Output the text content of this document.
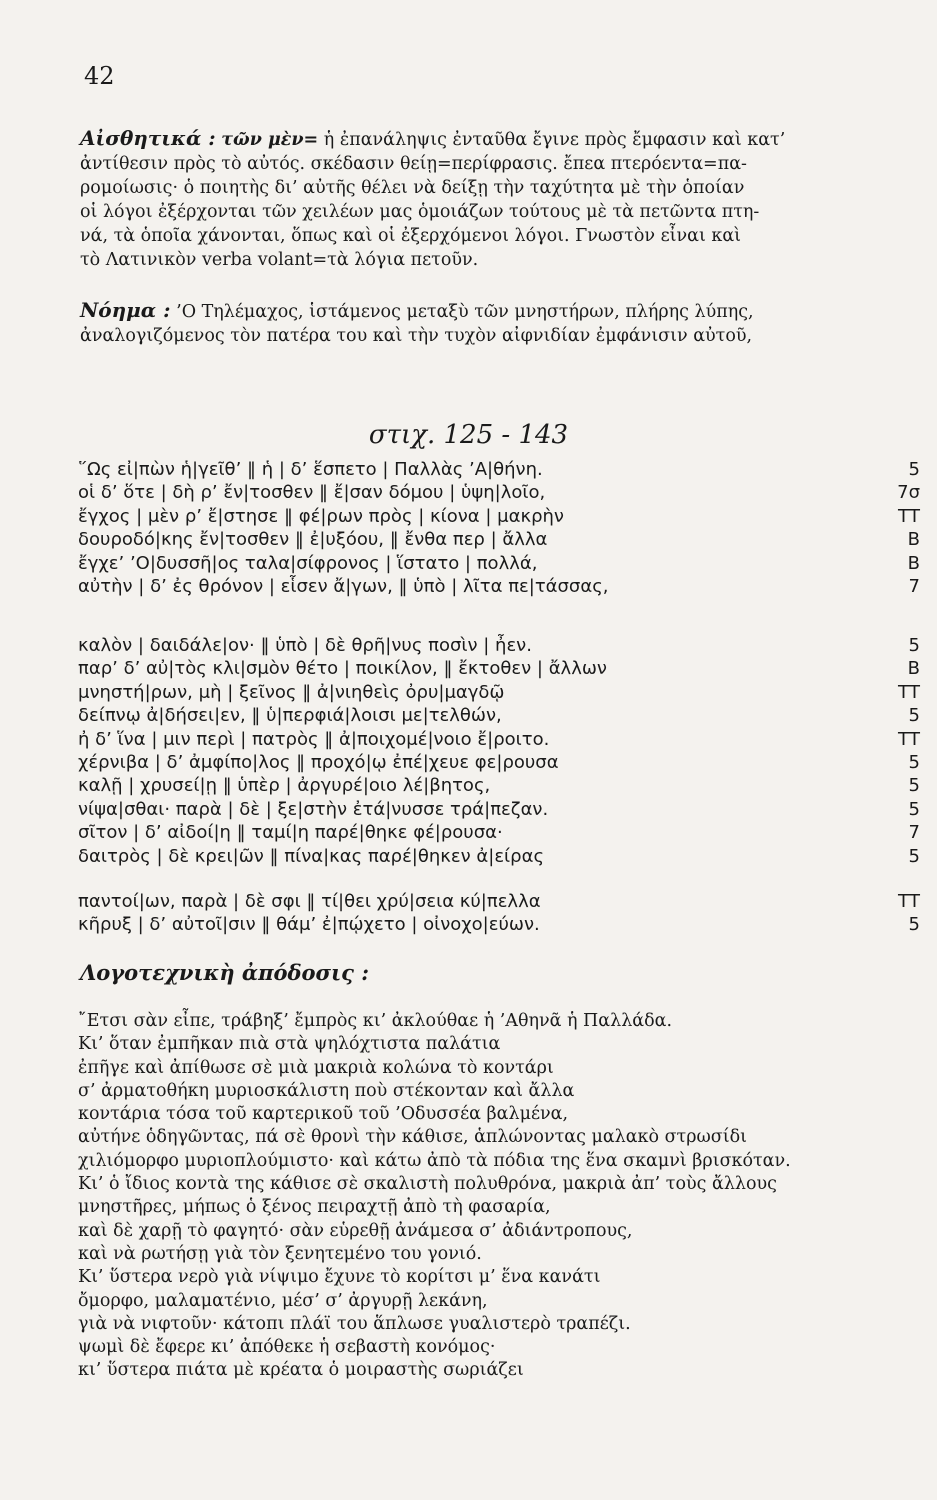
42
Αἰσθητικά : τῶν μὲν= ἡ ἐπανάληψις ἐνταῦθα ἔγινε πρὸς ἔμφασιν καὶ κατ’
ἀντίθεσιν πρὸς τὸ αὐτός. σκέδασιν θείῃ=περίφρασις. ἔπεα πτερόεντα=πα-
ρομοίωσις· ὁ ποιητὴς δι’ αὐτῆς θέλει νὰ δείξῃ τὴν ταχύτητα μὲ τὴν ὁποίαν
οἱ λόγοι ἐξέρχονται τῶν χειλέων μας ὁμοιάζων τούτους μὲ τὰ πετῶντα πτη-
νά, τὰ ὁποῖα χάνονται, ὅπως καὶ οἱ ἐξερχόμενοι λόγοι. Γνωστὸν εἶναι καὶ
τὸ Λατινικὸν verba volant=τὰ λόγια πετοῦν.
Νόημα : ’Ο Τηλέμαχος, ἱστάμενος μεταξὺ τῶν μνηστήρων, πλήρης λύπης,
ἀναλογιζόμενος τὸν πατέρα του καὶ τὴν τυχὸν αἰφνιδίαν ἐμφάνισιν αὐτοῦ,
στιχ. 125 - 143
῞Ως εἰ|πὼν ἡ|γεῖθ’ ‖ ἡ | δ’ ἕσπετο | Παλλὰς ’Α|θήνη.	5
οἱ δ’ ὅτε | δὴ ρ’ ἔν|τοσθεν ‖ ἔ|σαν δόμου | ὑψη|λοῖο,	7σ
ἔγχος | μὲν ρ’ ἔ|στησε ‖ φέ|ρων πρὸς | κίονα | μακρὴν	ΤΤ
δουροδό|κης ἔν|τοσθεν ‖ ἐ|υξόου, ‖ ἔνθα περ | ἄλλα	Β
ἔγχε’ ’Ο|δυσσῆ|ος ταλα|σίφρονος | ἵστατο | πολλά,	Β
αὐτὴν | δ’ ἐς θρόνον | εἷσεν ἄ|γων, ‖ ὑπὸ | λῖτα πε|τάσσας,	7
καλὸν | δαιδάλε|ον· ‖ ὑπὸ | δὲ θρῆ|νυς ποσὶν | ἦεν.	5
παρ’ δ’ αὐ|τὸς κλι|σμὸν θέτο | ποικίλον, ‖ ἔκτοθεν | ἄλλων	Β
μνηστή|ρων, μὴ | ξεῖνος ‖ ἀ|νιηθεὶς ὀρυ|μαγδῷ	ΤΤ
δείπνῳ ἀ|δήσει|εν, ‖ ὑ|περφιά|λοισι με|τελθών,	5
ἠ δ’ ἵνα | μιν περὶ | πατρὸς ‖ ἀ|ποιχομέ|νοιο ἔ|ροιτο.	ΤΤ
χέρνιβα | δ’ ἀμφίπο|λος ‖ προχό|ῳ ἐπέ|χευε φε|ρουσα	5
καλῇ | χρυσεί|ῃ ‖ ὑπὲρ | ἀργυρέ|οιο λέ|βητος,	5
νίψα|σθαι· παρὰ | δὲ | ξε|στὴν ἐτά|νυσσε τρά|πεζαν.	5
σῖτον | δ’ αἰδοί|η ‖ ταμί|η παρέ|θηκε φέ|ρουσα·	7
δαιτρὸς | δὲ κρει|ῶν ‖ πίνα|κας παρέ|θηκεν ἀ|είρας	5
παντοί|ων, παρὰ | δὲ σφι ‖ τί|θει χρύ|σεια κύ|πελλα	ΤΤ
κῆρυξ | δ’ αὐτοῖ|σιν ‖ θάμ’ ἐ|πῴχετο | οἰνοχο|εύων.	5
Λογοτεχνικὴ ἀπόδοσις :
῎Ετσι σὰν εἶπε, τράβηξ’ ἔμπρὸς κι’ ἀκλούθαε ἡ ’Αθηνᾶ ἡ Παλλάδα.
Κι’ ὅταν ἐμπῆκαν πιὰ στὰ ψηλόχτιστα παλάτια
ἐπῆγε καὶ ἀπίθωσε σὲ μιὰ μακριὰ κολώνα τὸ κοντάρι
σ’ ἀρματοθήκη μυριοσκάλιστη ποὺ στέκονταν καὶ ἄλλα
κοντάρια τόσα τοῦ καρτερικοῦ τοῦ ’Οδυσσέα βαλμένα,
αὐτήνε ὁδηγῶντας, πά σὲ θρονὶ τὴν κάθισε, ἁπλώνοντας μαλακὸ στρωσίδι
χιλιόμορφο μυριοπλούμιστο· καὶ κάτω ἀπὸ τὰ πόδια της ἕνα σκαμνὶ βρισκόταν.
Κι’ ὁ ἴδιος κοντὰ της κάθισε σὲ σκαλιστὴ πολυθρόνα, μακριὰ ἀπ’ τοὺς ἄλλους
μνηστῆρες, μήπως ὁ ξένος πειραχτῇ ἀπὸ τὴ φασαρία,
καὶ δὲ χαρῇ τὸ φαγητό· σὰν εὑρεθῇ ἀνάμεσα σ’ ἀδιάντροπους,
καὶ νὰ ρωτήσῃ γιὰ τὸν ξενητεμένο του γονιό.
Κι’ ὕστερα νερὸ γιὰ νίψιμο ἔχυνε τὸ κορίτσι μ’ ἕνα κανάτι
ὄμορφο, μαλαματένιο, μέσ’ σ’ ἀργυρῇ λεκάνη,
γιὰ νὰ νιφτοῦν· κάτοπι πλάϊ του ἅπλωσε γυαλιστερὸ τραπέζι.
ψωμὶ δὲ ἔφερε κι’ ἀπόθεκε ἡ σεβαστὴ κονόμος·
κι’ ὕστερα πιάτα μὲ κρέατα ὁ μοιραστὴς σωριάζει
